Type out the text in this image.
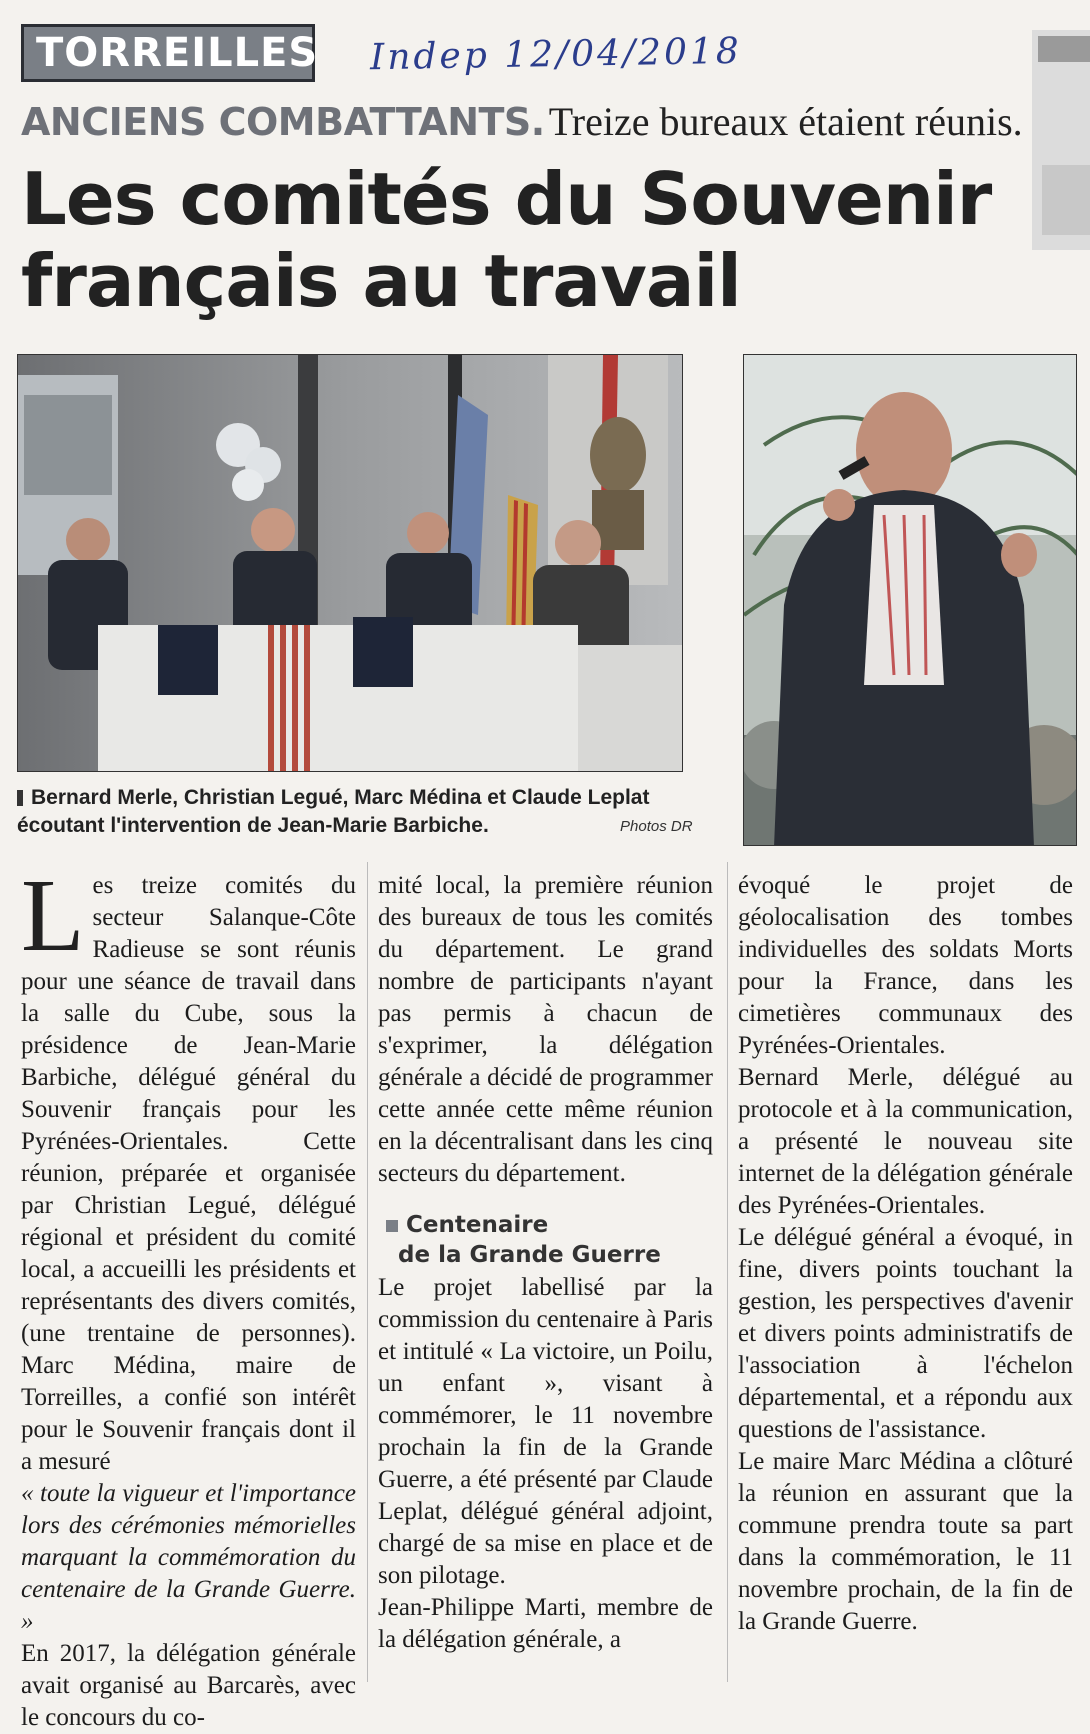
TORREILLES Indep 12/04/2018
ANCIENS COMBATTANTS. Treize bureaux étaient réunis.
Les comités du Souvenir
français au travail
Bernard Merle, Christian Legué, Marc Médina et Claude Leplat
écoutant l'intervention de Jean-Marie Barbiche.	Photos DR
L es treize comités du secteur Salanque-Côte Radieuse se sont réunis pour une séance de travail dans la salle du Cube, sous la présidence de Jean-Marie Barbiche, délégué général du Souvenir français pour les Pyrénées-Orientales. Cette réunion, préparée et organisée par Christian Legué, délégué régional et président du comité local, a accueilli les présidents et représentants des divers comités, (une trentaine de personnes). Marc Médina, maire de Torreilles, a confié son intérêt pour le Souvenir français dont il a mesuré

« toute la vigueur et l'importance lors des cérémonies mémorielles marquant la commémoration du centenaire de la Grande Guerre. »

En 2017, la délégation générale avait organisé au Barcarès, avec le concours du co-

mité local, la première réunion des bureaux de tous les comités du département. Le grand nombre de participants n'ayant pas permis à chacun de s'exprimer, la délégation générale a décidé de programmer cette année cette même réunion en la décentralisant dans les cinq secteurs du département.

Centenaire
de la Grande Guerre

Le projet labellisé par la commission du centenaire à Paris et intitulé « La victoire, un Poilu, un enfant », visant à commémorer, le 11 novembre prochain la fin de la Grande Guerre, a été présenté par Claude Leplat, délégué général adjoint, chargé de sa mise en place et de son pilotage.

Jean-Philippe Marti, membre de la délégation générale, a

évoqué le projet de géolocalisation des tombes individuelles des soldats Morts pour la France, dans les cimetières communaux des Pyrénées-Orientales.

Bernard Merle, délégué au protocole et à la communication, a présenté le nouveau site internet de la délégation générale des Pyrénées-Orientales.

Le délégué général a évoqué, in fine, divers points touchant la gestion, les perspectives d'avenir et divers points administratifs de l'association à l'échelon départemental, et a répondu aux questions de l'assistance.

Le maire Marc Médina a clôturé la réunion en assurant que la commune prendra toute sa part dans la commémoration, le 11 novembre prochain, de la fin de la Grande Guerre.
